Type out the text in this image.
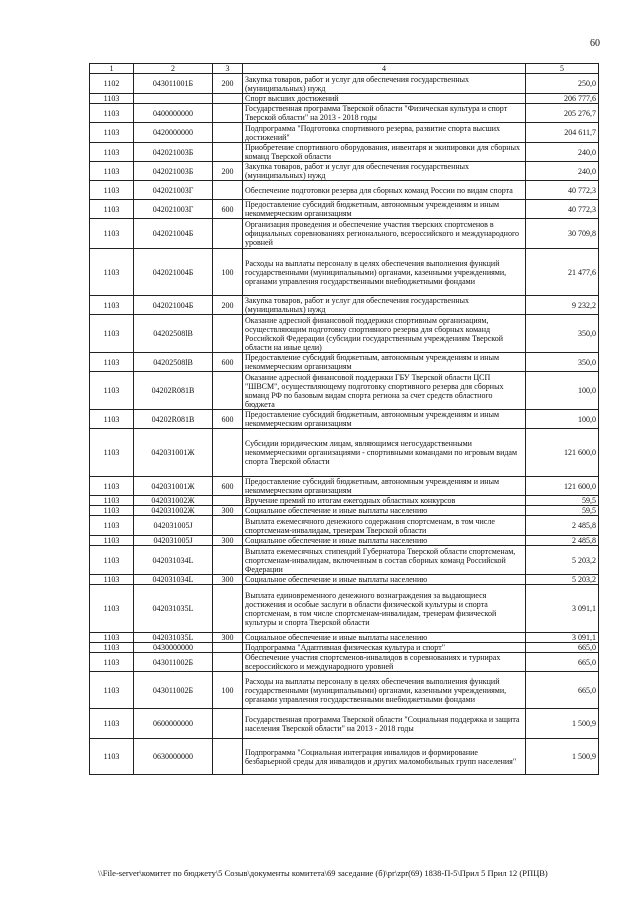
60
1	2	3	4	5
1102	043011001Б	200	Закупка товаров, работ и услуг для обеспечения государственных (муниципальных) нужд	250,0
1103			Спорт высших достижений	206 777,6
1103	0400000000		Государственная программа Тверской области "Физическая культура и спорт Тверской области" на 2013 - 2018 годы	205 276,7
1103	0420000000		Подпрограмма "Подготовка спортивного резерва, развитие спорта высших достижений"	204 611,7
1103	042021003Б		Приобретение спортивного оборудования, инвентаря и экипировки для сборных команд Тверской области	240,0
1103	042021003Б	200	Закупка товаров, работ и услуг для обеспечения государственных (муниципальных) нужд	240,0
1103	042021003Г		Обеспечение подготовки резерва для сборных команд России по видам спорта	40 772,3
1103	042021003Г	600	Предоставление субсидий бюджетным, автономным учреждениям и иным некоммерческим организациям	40 772,3
1103	042021004Б		Организация проведения и обеспечение участия тверских спортсменов в официальных соревнованиях регионального, всероссийского и международного уровней	30 709,8
1103	042021004Б	100	Расходы на выплаты персоналу в целях обеспечения выполнения функций государственными (муниципальными) органами, казенными учреждениями, органами управления государственными внебюджетными фондами	21 477,6
1103	042021004Б	200	Закупка товаров, работ и услуг для обеспечения государственных (муниципальных) нужд	9 232,2
1103	04202508lB		Оказание адресной финансовой поддержки спортивным организациям, осуществляющим подготовку спортивного резерва для сборных команд Российской Федерации (субсидии государственным учреждениям Тверской области на иные цели)	350,0
1103	04202508lB	600	Предоставление субсидий бюджетным, автономным учреждениям и иным некоммерческим организациям	350,0
1103	04202R081В		Оказание адресной финансовой поддержки ГБУ Тверской области ЦСП "ШВСМ", осуществляющему подготовку спортивного резерва для сборных команд РФ по базовым видам спорта региона за счет средств областного бюджета	100,0
1103	04202R081В	600	Предоставление субсидий бюджетным, автономным учреждениям и иным некоммерческим организациям	100,0
1103	042031001Ж		Субсидии юридическим лицам, являющимся негосударственными некоммерческими организациями - спортивными командами по игровым видам спорта Тверской области	121 600,0
1103	042031001Ж	600	Предоставление субсидий бюджетным, автономным учреждениям и иным некоммерческим организациям	121 600,0
1103	042031002Ж		Вручение премий по итогам ежегодных областных конкурсов	59,5
1103	042031002Ж	300	Социальное обеспечение и иные выплаты населению	59,5
1103	042031005J		Выплата ежемесячного денежного содержания спортсменам, в том числе спортсменам-инвалидам, тренерам Тверской области	2 485,8
1103	042031005J	300	Социальное обеспечение и иные выплаты населению	2 485,8
1103	042031034L		Выплата ежемесячных стипендий Губернатора Тверской области спортсменам, спортсменам-инвалидам, включенным в состав сборных команд Российской Федерации	5 203,2
1103	042031034L	300	Социальное обеспечение и иные выплаты населению	5 203,2
1103	042031035L		Выплата единовременного денежного вознаграждения за выдающиеся достижения и особые заслуги в области физической культуры и спорта спортсменам, в том числе спортсменам-инвалидам, тренерам физической культуры и спорта Тверской области	3 091,1
1103	042031035L	300	Социальное обеспечение и иные выплаты населению	3 091,1
1103	0430000000		Подпрограмма "Адаптивная физическая культура и спорт"	665,0
1103	043011002Б		Обеспечение участия спортсменов-инвалидов в соревнованиях и турнирах всероссийского и международного уровней	665,0
1103	043011002Б	100	Расходы на выплаты персоналу в целях обеспечения выполнения функций государственными (муниципальными) органами, казенными учреждениями, органами управления государственными внебюджетными фондами	665,0
1103	0600000000		Государственная программа Тверской области "Социальная поддержка и защита населения Тверской области" на 2013 - 2018 годы	1 500,9
1103	0630000000		Подпрограмма "Социальная интеграция инвалидов и формирование безбарьерной среды для инвалидов и других маломобильных групп населения"	1 500,9
\\File-server\комитет по бюджету\5 Созыв\документы комитета\69 заседание (б)\pr\zpr(69) 1838-П-5\Прил 5 Прил 12 (РПЦВ)
